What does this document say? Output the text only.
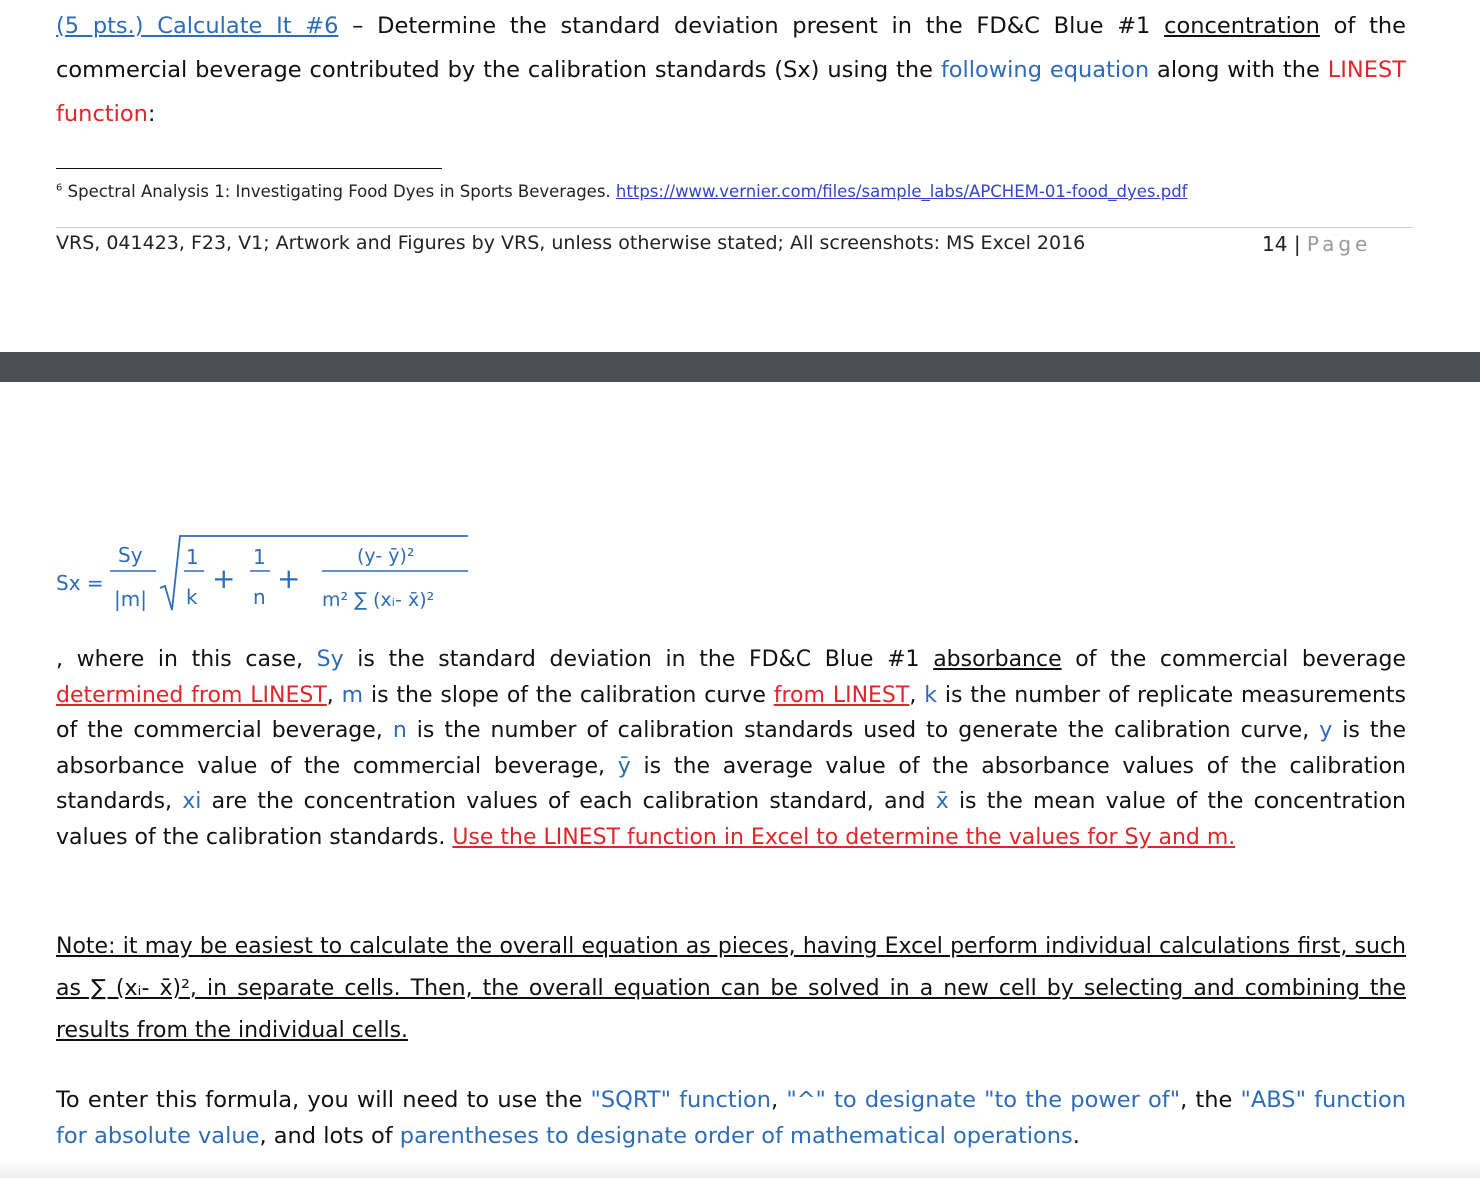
(5 pts.) Calculate It #6 – Determine the standard deviation present in the FD&C Blue #1 concentration of the commercial beverage contributed by the calibration standards (Sx) using the following equation along with the LINEST function:
$^6$ Spectral Analysis 1: Investigating Food Dyes in Sports Beverages. https://www.vernier.com/files/sample_labs/APCHEM-01-food_dyes.pdf
VRS, 041423, F23, V1; Artwork and Figures by VRS, unless otherwise stated; All screenshots: MS Excel 2016	14 | Page
Sx =
Sy
|m|
1
k
+
1
n
+
(y- ȳ)²
m² ∑ (xᵢ- x̄)²
, where in this case, Sy is the standard deviation in the FD&C Blue #1 absorbance of the commercial beverage determined from LINEST, m is the slope of the calibration curve from LINEST, k is the number of replicate measurements of the commercial beverage, n is the number of calibration standards used to generate the calibration curve, y is the absorbance value of the commercial beverage, ȳ is the average value of the absorbance values of the calibration standards, xi are the concentration values of each calibration standard, and x̄ is the mean value of the concentration values of the calibration standards. Use the LINEST function in Excel to determine the values for Sy and m.
Note: it may be easiest to calculate the overall equation as pieces, having Excel perform individual calculations first, such as ∑ (xᵢ- x̄)², in separate cells. Then, the overall equation can be solved in a new cell by selecting and combining the results from the individual cells.
To enter this formula, you will need to use the "SQRT" function, "^" to designate "to the power of", the "ABS" function for absolute value, and lots of parentheses to designate order of mathematical operations.
